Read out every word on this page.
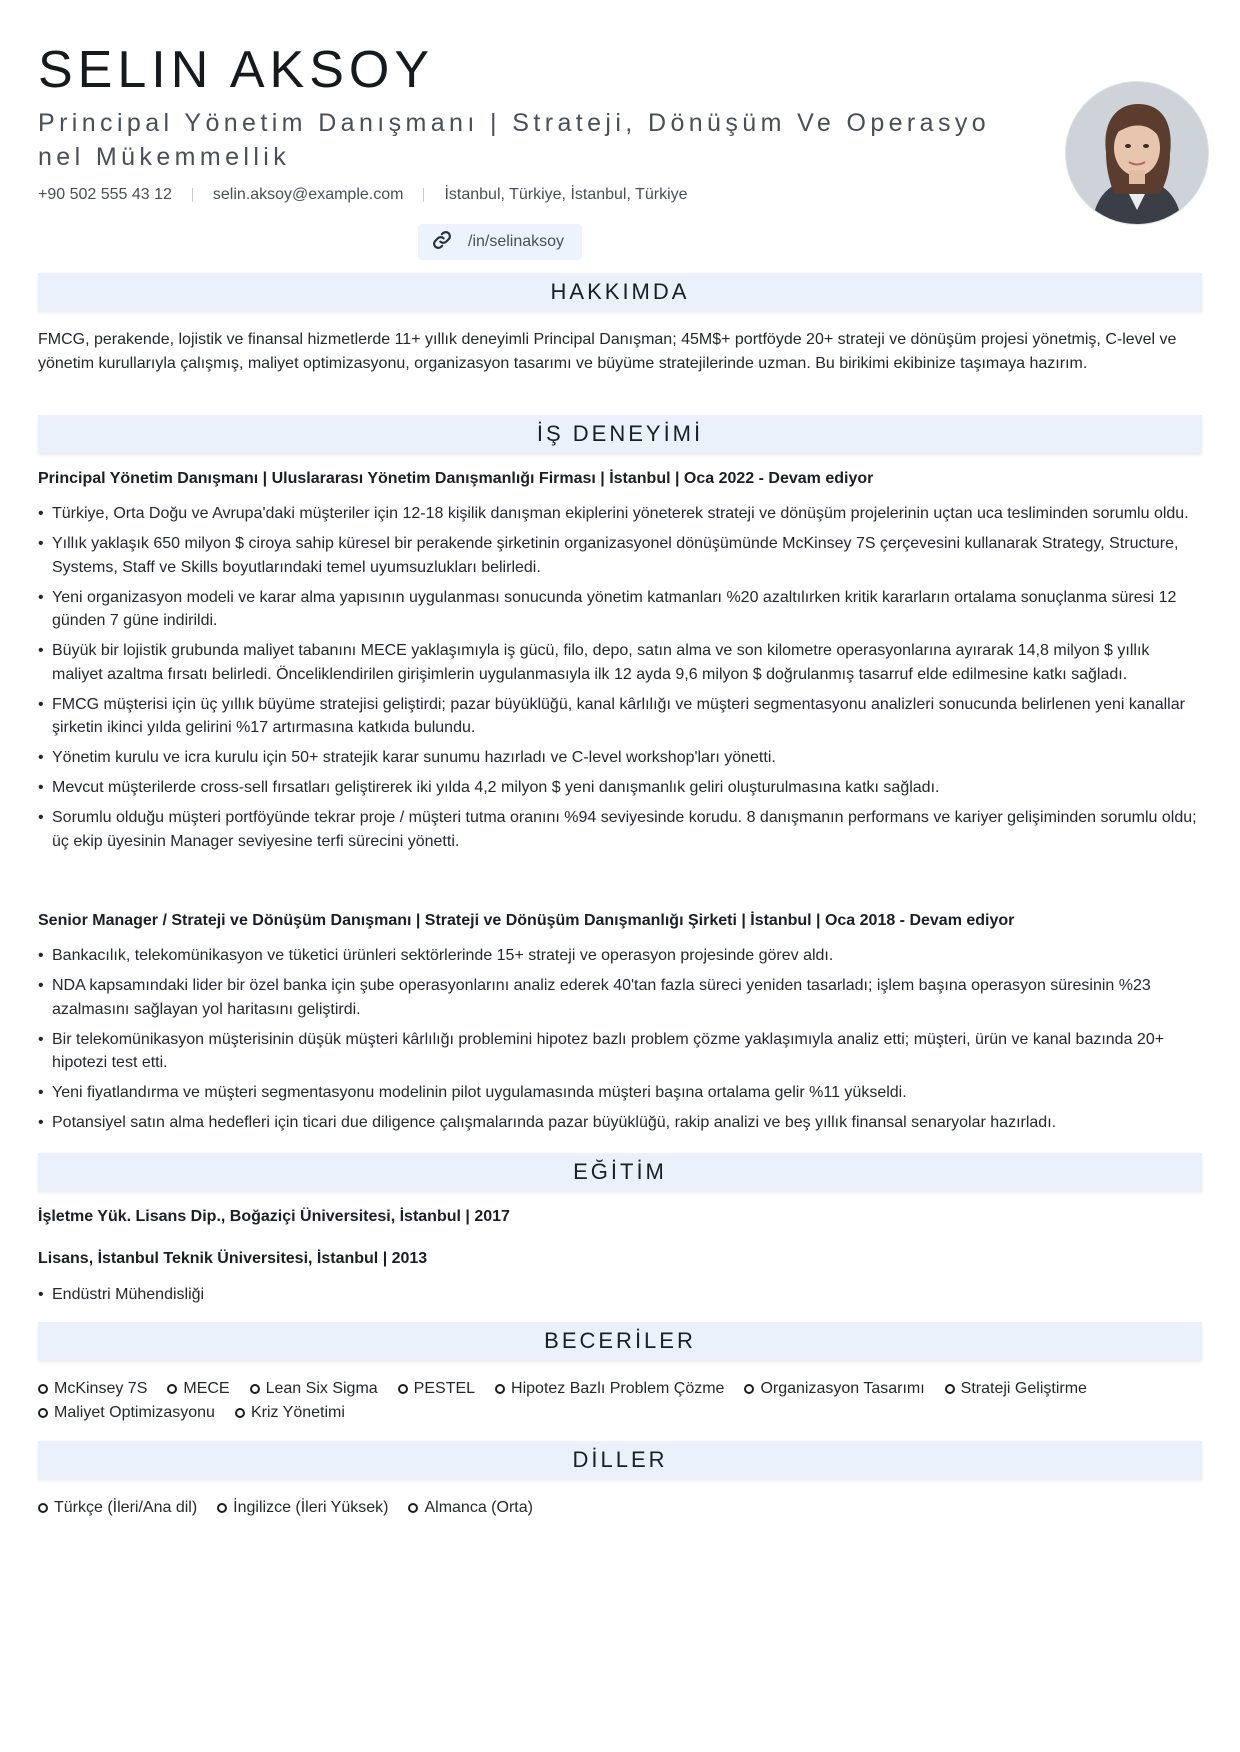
SELIN AKSOY

Principal Yönetim Danışmanı | Strateji, Dönüşüm Ve Operasyonel Mükemmellik

+90 502 555 43 12	selin.aksoy@example.com	İstanbul, Türkiye, İstanbul, Türkiye
/in/selinaksoy
HAKKIMDA

FMCG, perakende, lojistik ve finansal hizmetlerde 11+ yıllık deneyimli Principal Danışman; 45M$+ portföyde 20+ strateji ve dönüşüm projesi yönetmiş, C-level ve yönetim kurullarıyla çalışmış, maliyet optimizasyonu, organizasyon tasarımı ve büyüme stratejilerinde uzman. Bu birikimi ekibinize taşımaya hazırım.

İŞ DENEYİMİ

Principal Yönetim Danışmanı | Uluslararası Yönetim Danışmanlığı Firması | İstanbul | Oca 2022 - Devam ediyor

• Türkiye, Orta Doğu ve Avrupa'daki müşteriler için 12-18 kişilik danışman ekiplerini yöneterek strateji ve dönüşüm projelerinin uçtan uca tesliminden sorumlu oldu.
• Yıllık yaklaşık 650 milyon $ ciroya sahip küresel bir perakende şirketinin organizasyonel dönüşümünde McKinsey 7S çerçevesini kullanarak Strategy, Structure, Systems, Staff ve Skills boyutlarındaki temel uyumsuzlukları belirledi.
• Yeni organizasyon modeli ve karar alma yapısının uygulanması sonucunda yönetim katmanları %20 azaltılırken kritik kararların ortalama sonuçlanma süresi 12 günden 7 güne indirildi.
• Büyük bir lojistik grubunda maliyet tabanını MECE yaklaşımıyla iş gücü, filo, depo, satın alma ve son kilometre operasyonlarına ayırarak 14,8 milyon $ yıllık maliyet azaltma fırsatı belirledi. Önceliklendirilen girişimlerin uygulanmasıyla ilk 12 ayda 9,6 milyon $ doğrulanmış tasarruf elde edilmesine katkı sağladı.
• FMCG müşterisi için üç yıllık büyüme stratejisi geliştirdi; pazar büyüklüğü, kanal kârlılığı ve müşteri segmentasyonu analizleri sonucunda belirlenen yeni kanallar şirketin ikinci yılda gelirini %17 artırmasına katkıda bulundu.
• Yönetim kurulu ve icra kurulu için 50+ stratejik karar sunumu hazırladı ve C-level workshop'ları yönetti.
• Mevcut müşterilerde cross-sell fırsatları geliştirerek iki yılda 4,2 milyon $ yeni danışmanlık geliri oluşturulmasına katkı sağladı.
• Sorumlu olduğu müşteri portföyünde tekrar proje / müşteri tutma oranını %94 seviyesinde korudu. 8 danışmanın performans ve kariyer gelişiminden sorumlu oldu; üç ekip üyesinin Manager seviyesine terfi sürecini yönetti.

Senior Manager / Strateji ve Dönüşüm Danışmanı | Strateji ve Dönüşüm Danışmanlığı Şirketi | İstanbul | Oca 2018 - Devam ediyor

• Bankacılık, telekomünikasyon ve tüketici ürünleri sektörlerinde 15+ strateji ve operasyon projesinde görev aldı.
• NDA kapsamındaki lider bir özel banka için şube operasyonlarını analiz ederek 40'tan fazla süreci yeniden tasarladı; işlem başına operasyon süresinin %23 azalmasını sağlayan yol haritasını geliştirdi.
• Bir telekomünikasyon müşterisinin düşük müşteri kârlılığı problemini hipotez bazlı problem çözme yaklaşımıyla analiz etti; müşteri, ürün ve kanal bazında 20+ hipotezi test etti.
• Yeni fiyatlandırma ve müşteri segmentasyonu modelinin pilot uygulamasında müşteri başına ortalama gelir %11 yükseldi.
• Potansiyel satın alma hedefleri için ticari due diligence çalışmalarında pazar büyüklüğü, rakip analizi ve beş yıllık finansal senaryolar hazırladı.
EĞİTİM

İşletme Yük. Lisans Dip., Boğaziçi Üniversitesi, İstanbul | 2017

Lisans, İstanbul Teknik Üniversitesi, İstanbul | 2013

• Endüstri Mühendisliği
BECERİLER
McKinsey 7S MECE Lean Six Sigma PESTEL Hipotez Bazlı Problem Çözme Organizasyon Tasarımı Strateji Geliştirme
Maliyet Optimizasyonu Kriz Yönetimi
DİLLER
Türkçe (İleri/Ana dil) İngilizce (İleri Yüksek) Almanca (Orta)
